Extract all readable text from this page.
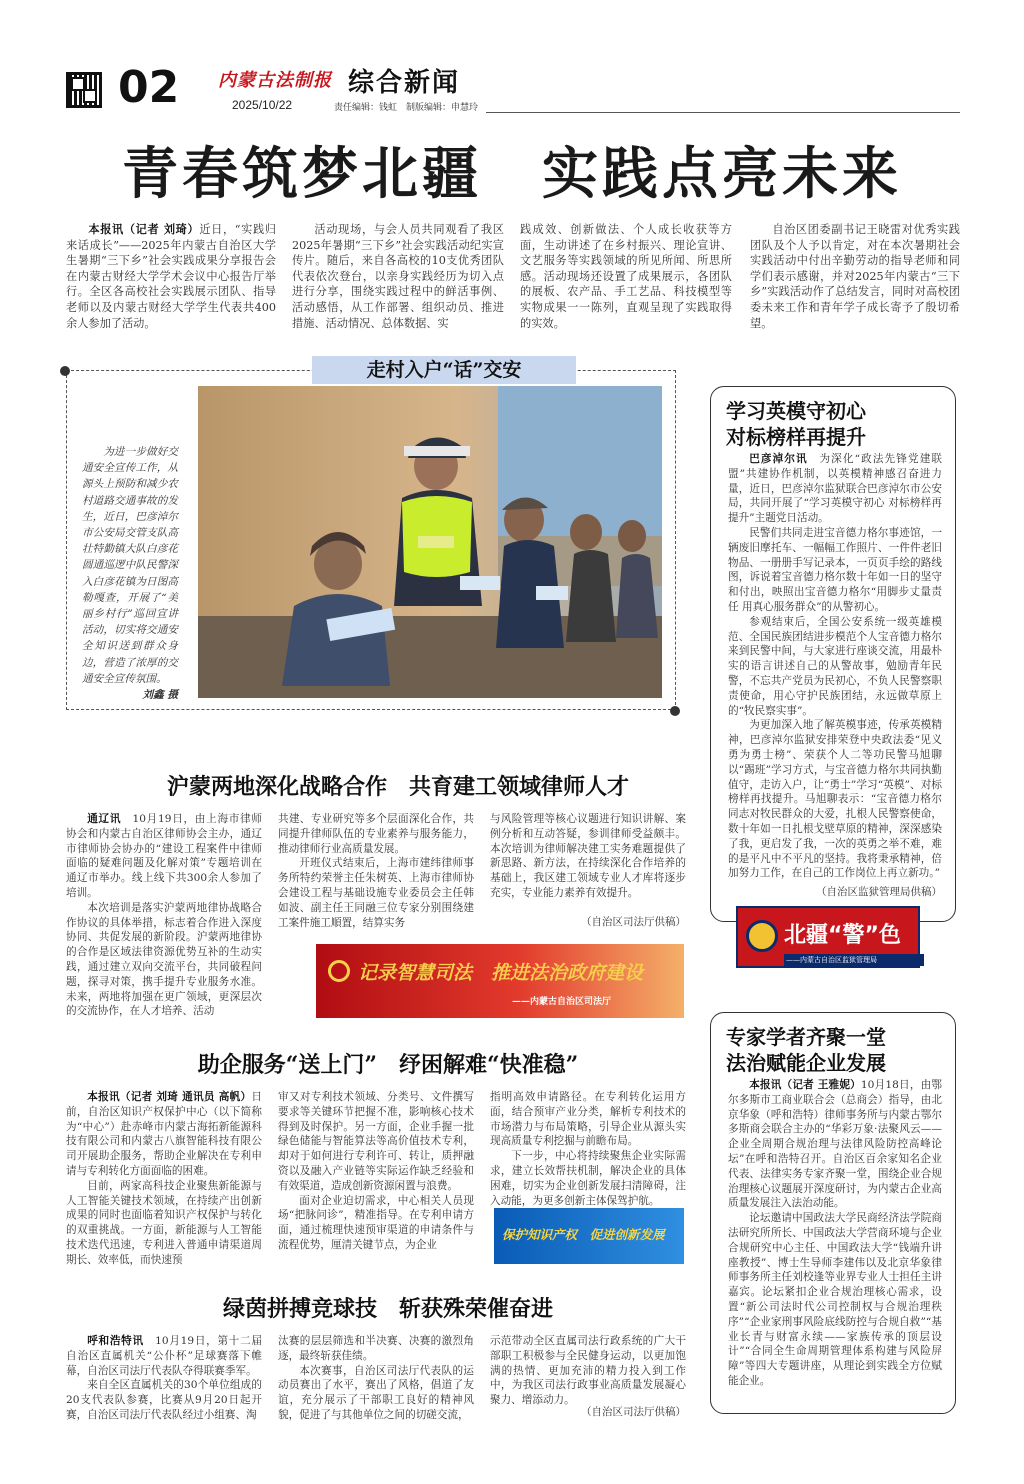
02 内蒙古法制报
2025/10/22
综合新闻
责任编辑：钱虹　制版编辑：申慧玲
青春筑梦北疆　实践点亮未来

本报讯（记者 刘琦）近日，“实践归来话成长”——2025年内蒙古自治区大学生暑期“三下乡”社会实践成果分享报告会在内蒙古财经大学学术会议中心报告厅举行。全区各高校社会实践展示团队、指导老师以及内蒙古财经大学学生代表共400余人参加了活动。

活动现场，与会人员共同观看了我区2025年暑期“三下乡”社会实践活动纪实宣传片。随后，来自各高校的10支优秀团队代表依次登台，以亲身实践经历为切入点进行分享，围绕实践过程中的鲜活事例、活动感悟，从工作部署、组织动员、推进措施、活动情况、总体数据、实

践成效、创新做法、个人成长收获等方面，生动讲述了在乡村振兴、理论宣讲、文艺服务等实践领域的所见所闻、所思所感。活动现场还设置了成果展示，各团队的展板、农产品、手工艺品、科技模型等实物成果一一陈列，直观呈现了实践取得的实效。

自治区团委副书记王晓雷对优秀实践团队及个人予以肯定，对在本次暑期社会实践活动中付出辛勤劳动的指导老师和同学们表示感谢，并对2025年内蒙古“三下乡”实践活动作了总结发言，同时对高校团委未来工作和青年学子成长寄予了殷切希望。

走村入户“话”交安
为进一步做好交通安全宣传工作，从源头上预防和减少农村道路交通事故的发生，近日，巴彦淖尔市公安局交管支队高壮特勤镇大队白彦花圆通巡逻中队民警深入白彦花镇为日图高勒嘎查，开展了“美丽乡村行”巡回宣讲活动，切实将交通安全知识送到群众身边，营造了浓厚的交通安全宣传氛围。
刘鑫 摄
学习英模守初心
对标榜样再提升

巴彦淖尔讯　 为深化“政法先锋党建联盟”共建协作机制，以英模精神感召奋进力量，近日，巴彦淖尔监狱联合巴彦淖尔市公安局，共同开展了“学习英模守初心 对标榜样再提升”主题党日活动。

民警们共同走进宝音德力格尔事迹馆，一辆废旧摩托车、一幅幅工作照片、一件件老旧物品、一册册手写记录本，一页页手绘的路线图，诉说着宝音德力格尔数十年如一日的坚守和付出，映照出宝音德力格尔“用脚步丈量责任 用真心服务群众”的从警初心。

参观结束后，全国公安系统一级英雄模范、全国民族团结进步模范个人宝音德力格尔来到民警中间，与大家进行座谈交流，用最朴实的语言讲述自己的从警故事，勉励青年民警，不忘共产党员为民初心，不负人民警察职责使命，用心守护民族团结，永远做草原上的“牧民察实事”。

为更加深入地了解英模事迹，传承英模精神，巴彦淖尔监狱安排荣登中央政法委“见义勇为勇士榜”、荣获个人二等功民警马旭聊以“踢班”学习方式，与宝音德力格尔共同执勤值守，走访入户，让“勇士”学习“英模”、对标榜样再找提升。马旭聊表示：“宝音德力格尔同志对牧民群众的大爱，扎根人民警察使命，数十年如一日扎根戈壁草原的精神，深深感染了我，更启发了我，一次的英勇之举不难，难的是平凡中不平凡的坚持。我将秉承精神，倍加努力工作，在自己的工作岗位上再立新功。”

（自治区监狱管理局供稿）
北疆“警”色
——内蒙古自治区监狱管理局
沪蒙两地深化战略合作　共育建工领域律师人才

通辽讯　 10月19日，由上海市律师协会和内蒙古自治区律师协会主办，通辽市律师协会协办的“建设工程案件中律师面临的疑难问题及化解对策”专题培训在通辽市举办。线上线下共300余人参加了培训。

本次培训是落实沪蒙两地律协战略合作协议的具体举措，标志着合作进入深度协同、共促发展的新阶段。沪蒙两地律协的合作是区域法律资源优势互补的生动实践，通过建立双向交流平台，共同破程问题，探寻对策，携手提升专业服务水准。未来，两地将加强在更广领域，更深层次的交流协作，在人才培养、活动

共建、专业研究等多个层面深化合作，共同提升律师队伍的专业素养与服务能力，推动律师行业高质量发展。

开班仪式结束后，上海市建纬律师事务所特约荣誉主任朱树英、上海市律师协会建设工程与基础设施专业委员会主任韩如波、副主任王同融三位专家分别围绕建工案件施工順置，结算实务

与风险管理等核心议题进行知识讲解、案例分析和互动答疑，参训律师受益颇丰。本次培训为律师解决建工实务难题提供了新思路、新方法，在持续深化合作培养的基础上，我区建工领域专业人才库将逐步充实，专业能力素养有效提升。

（自治区司法厅供稿）
记录智慧司法　推进法治政府建设
——内蒙古自治区司法厅
专家学者齐聚一堂
法治赋能企业发展

本报讯（记者 王雅妮）10月18日，由鄂尔多斯市工商业联合会（总商会）指导，由北京华象（呼和浩特）律师事务所与内蒙古鄂尔多斯商会联合主办的“华彩万象·法聚风云——企业全周期合规治理与法律风险防控高峰论坛”在呼和浩特召开。自治区百余家知名企业代表、法律实务专家齐聚一堂，围绕企业合规治理核心议题展开深度研讨，为内蒙古企业高质量发展注入法治动能。

论坛邀请中国政法大学民商经济法学院商法研究所所长、中国政法大学营商环境与企业合规研究中心主任、中国政法大学“钱端升讲座教授”、博士生导师李建伟以及北京华象律师事务所主任刘校逢等业界专业人士担任主讲嘉宾。论坛紧扣企业合规治理核心需求，设置“新公司法时代公司控制权与合规治理秩序”“企业家刑事风险底线防控与合规自救”“基业长青与财富永续——家族传承的顶层设计”“合同全生命周期管理体系构建与风险屏障”等四大专题讲座，从理论到实践全方位赋能企业。

助企服务“送上门”　纾困解难“快准稳”

本报讯（记者 刘琦 通讯员 高帆）日前，自治区知识产权保护中心（以下简称为“中心”）赴赤峰市内蒙古海拓新能源科技有限公司和内蒙古八旗智能科技有限公司开展助企服务，帮助企业解决在专利申请与专利转化方面面临的困难。

目前，两家高科技企业聚焦新能源与人工智能关键技术领域，在持续产出创新成果的同时也面临着知识产权保护与转化的双重挑战。一方面，新能源与人工智能技术迭代迅速，专利进入普通申请渠道周期长、效率低，而快速预

审又对专利技术领域、分类号、文件撰写要求等关键环节把握不准，影响核心技术得到及时保护。另一方面，企业手握一批绿色储能与智能算法等高价值技术专利，却对于如何进行专利许可、转让，质押融资以及融入产业链等实际运作缺乏经验和有效渠道，造成创新资源闲置与浪费。

面对企业迫切需求，中心相关人员现场“把脉问诊”，精准指导。在专利申请方面，通过梳理快速预审渠道的申请条件与流程优势，厘清关键节点，为企业

指明高效申请路径。在专利转化运用方面，结合预审产业分类，解析专利技术的市场潜力与布局策略，引导企业从源头实现高质量专利挖掘与前瞻布局。

下一步，中心将持续聚焦企业实际需求，建立长效帮扶机制，解决企业的具体困难，切实为企业创新发展扫清障碍，注入动能，为更多创新主体保驾护航。

保护知识产权　促进创新发展
绿茵拼搏竞球技　斩获殊荣催奋进

呼和浩特讯　 10月19日，第十二届自治区直属机关“公仆杯”足球赛落下帷幕，自治区司法厅代表队夺得联赛季军。

来自全区直属机关的30个单位组成的20支代表队参赛，比赛从9月20日起开赛，自治区司法厅代表队经过小组赛、淘

汰赛的层层筛选和半决赛、决赛的激烈角逐，最终斩获佳绩。

本次赛事，自治区司法厅代表队的运动员赛出了水平，赛出了风格，倡道了友谊，充分展示了干部职工良好的精神风貌，促进了与其他单位之间的切磋交流，

示范带动全区直属司法行政系统的广大干部职工积极参与全民健身运动，以更加饱满的热情、更加充沛的精力投入到工作中，为我区司法行政事业高质量发展凝心聚力、增添动力。

（自治区司法厅供稿）
